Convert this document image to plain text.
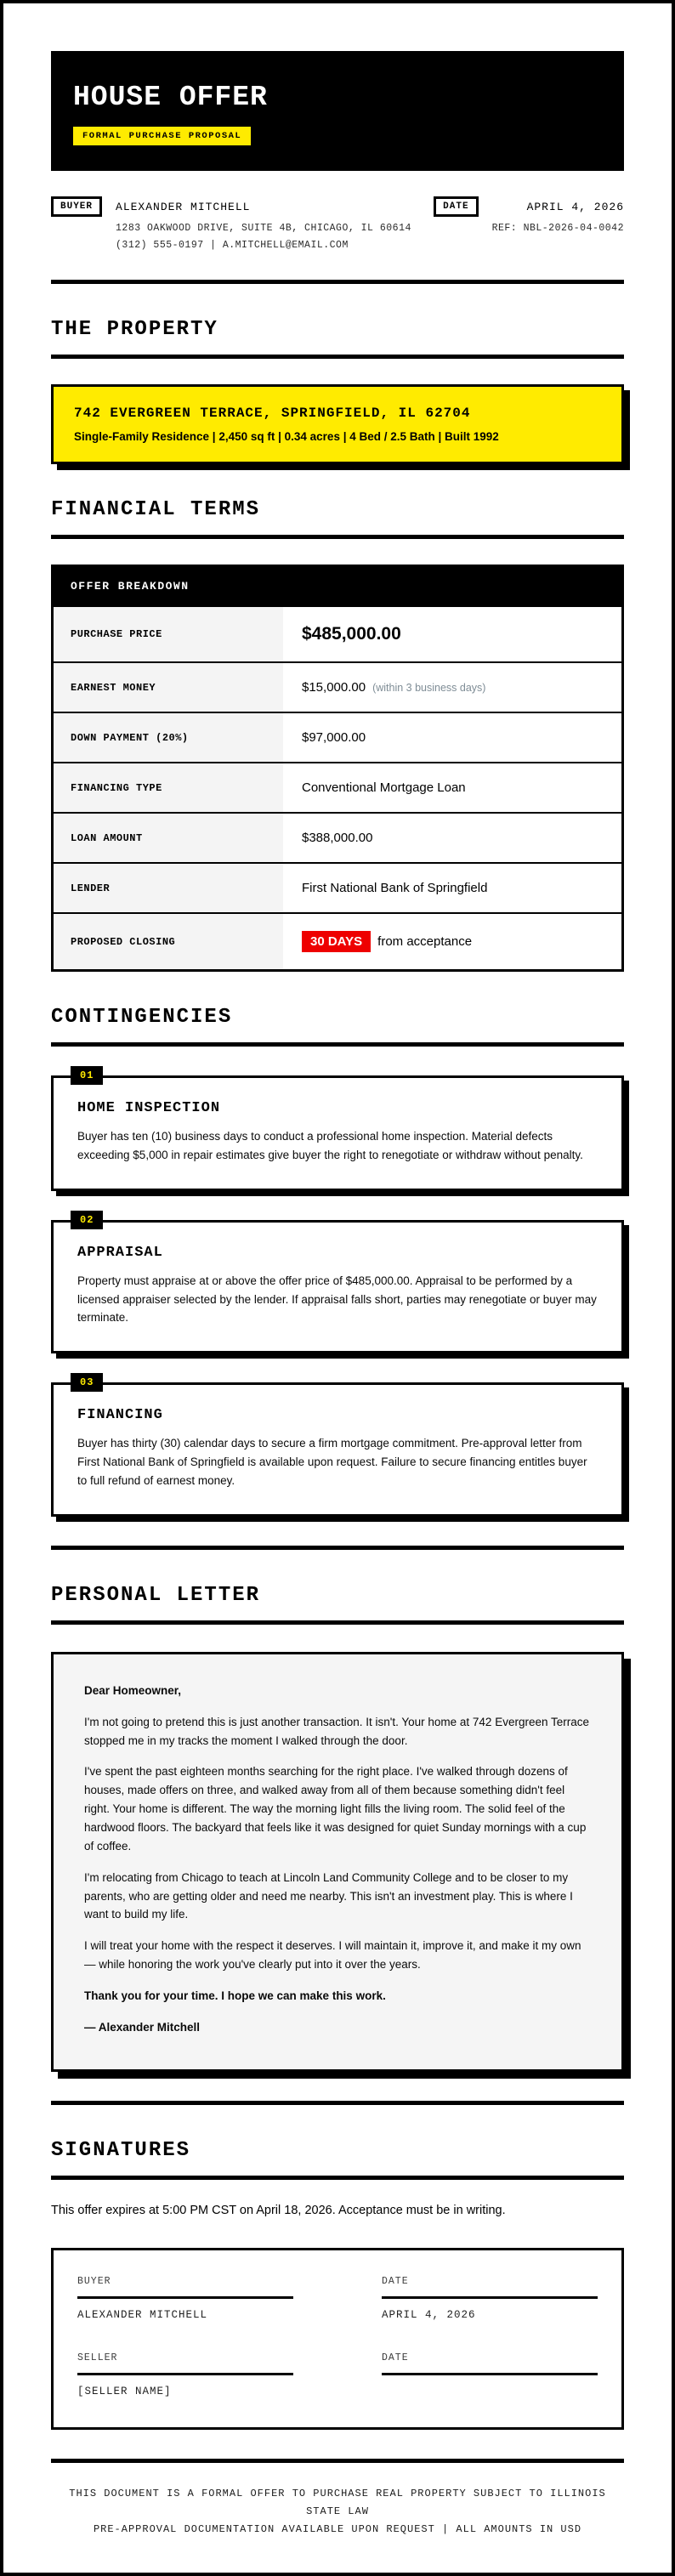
HOUSE OFFER
FORMAL PURCHASE PROPOSAL
BUYER	ALEXANDER MITCHELL
1283 OAKWOOD DRIVE, SUITE 4B, CHICAGO, IL 60614
(312) 555-0197 | A.MITCHELL@EMAIL.COM
DATE	APRIL 4, 2026
REF: NBL-2026-04-0042
THE PROPERTY
742 EVERGREEN TERRACE, SPRINGFIELD, IL 62704
Single-Family Residence | 2,450 sq ft | 0.34 acres | 4 Bed / 2.5 Bath | Built 1992
FINANCIAL TERMS
OFFER BREAKDOWN
PURCHASE PRICE	$485,000.00
EARNEST MONEY	$15,000.00 (within 3 business days)
DOWN PAYMENT (20%)	$97,000.00
FINANCING TYPE	Conventional Mortgage Loan
LOAN AMOUNT	$388,000.00
LENDER	First National Bank of Springfield
PROPOSED CLOSING	30 DAYS	from acceptance
CONTINGENCIES
01
HOME INSPECTION
Buyer has ten (10) business days to conduct a professional home inspection. Material defects exceeding $5,000 in repair estimates give buyer the right to renegotiate or withdraw without penalty.
02
APPRAISAL
Property must appraise at or above the offer price of $485,000.00. Appraisal to be performed by a licensed appraiser selected by the lender. If appraisal falls short, parties may renegotiate or buyer may terminate.
03
FINANCING
Buyer has thirty (30) calendar days to secure a firm mortgage commitment. Pre-approval letter from First National Bank of Springfield is available upon request. Failure to secure financing entitles buyer to full refund of earnest money.
PERSONAL LETTER

Dear Homeowner,

I'm not going to pretend this is just another transaction. It isn't. Your home at 742 Evergreen Terrace stopped me in my tracks the moment I walked through the door.

I've spent the past eighteen months searching for the right place. I've walked through dozens of houses, made offers on three, and walked away from all of them because something didn't feel right. Your home is different. The way the morning light fills the living room. The solid feel of the hardwood floors. The backyard that feels like it was designed for quiet Sunday mornings with a cup of coffee.

I'm relocating from Chicago to teach at Lincoln Land Community College and to be closer to my parents, who are getting older and need me nearby. This isn't an investment play. This is where I want to build my life.

I will treat your home with the respect it deserves. I will maintain it, improve it, and make it my own — while honoring the work you've clearly put into it over the years.

Thank you for your time. I hope we can make this work.

— Alexander Mitchell

SIGNATURES

This offer expires at 5:00 PM CST on April 18, 2026. Acceptance must be in writing.

BUYER
ALEXANDER MITCHELL
DATE
APRIL 4, 2026
SELLER
[SELLER NAME]
DATE
THIS DOCUMENT IS A FORMAL OFFER TO PURCHASE REAL PROPERTY SUBJECT TO ILLINOIS STATE LAW
PRE-APPROVAL DOCUMENTATION AVAILABLE UPON REQUEST | ALL AMOUNTS IN USD
